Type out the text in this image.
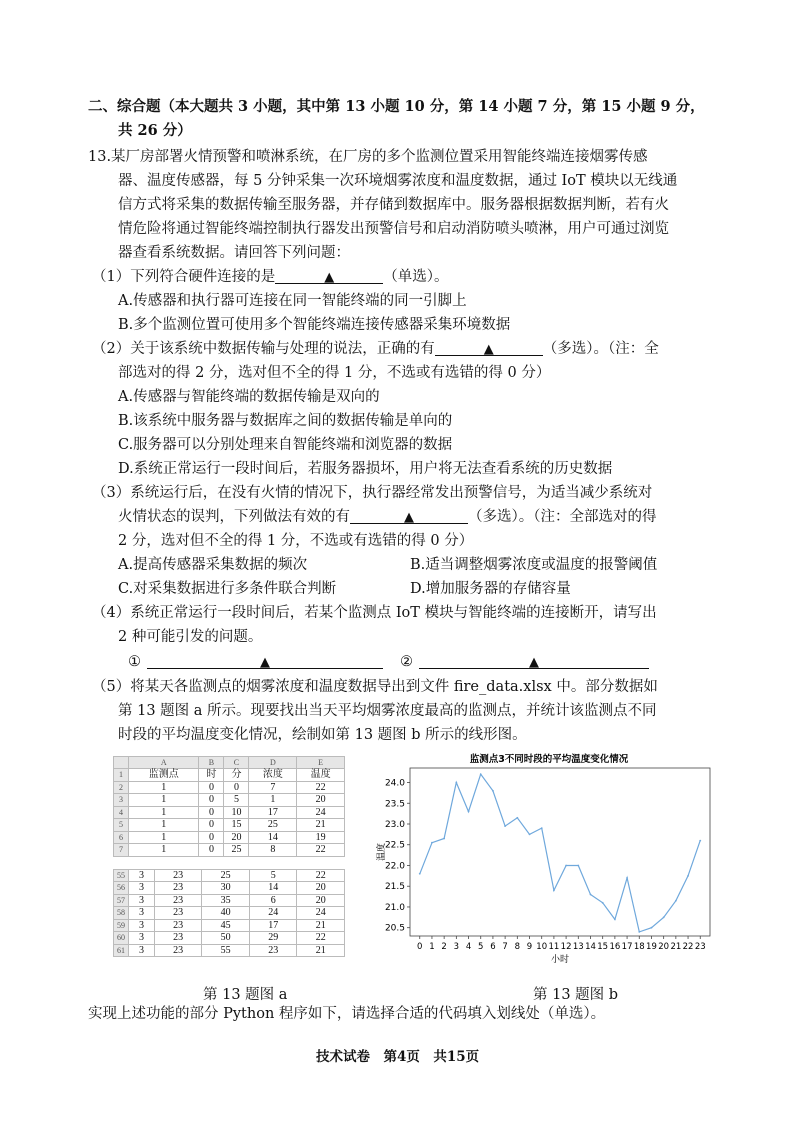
二、综合题（本大题共 3 小题，其中第 13 小题 10 分，第 14 小题 7 分，第 15 小题 9 分，
共 26 分）
13.某厂房部署火情预警和喷淋系统，在厂房的多个监测位置采用智能终端连接烟雾传感
器、温度传感器，每 5 分钟采集一次环境烟雾浓度和温度数据，通过 IoT 模块以无线通
信方式将采集的数据传输至服务器，并存储到数据库中。服务器根据数据判断，若有火
情危险将通过智能终端控制执行器发出预警信号和启动消防喷头喷淋，用户可通过浏览
器查看系统数据。请回答下列问题：
（1）下列符合硬件连接的是	▲	（单选）。
A.传感器和执行器可连接在同一智能终端的同一引脚上
B.多个监测位置可使用多个智能终端连接传感器采集环境数据
（2）关于该系统中数据传输与处理的说法，正确的有	▲	（多选）。（注：全
部选对的得 2 分，选对但不全的得 1 分，不选或有选错的得 0 分）
A.传感器与智能终端的数据传输是双向的
B.该系统中服务器与数据库之间的数据传输是单向的
C.服务器可以分别处理来自智能终端和浏览器的数据
D.系统正常运行一段时间后，若服务器损坏，用户将无法查看系统的历史数据
（3）系统运行后，在没有火情的情况下，执行器经常发出预警信号，为适当减少系统对
火情状态的误判，下列做法有效的有	▲	（多选）。（注：全部选对的得
2 分，选对但不全的得 1 分，不选或有选错的得 0 分）
A.提高传感器采集数据的频次	B.适当调整烟雾浓度或温度的报警阈值
C.对采集数据进行多条件联合判断	D.增加服务器的存储容量
（4）系统正常运行一段时间后，若某个监测点 IoT 模块与智能终端的连接断开，请写出
2 种可能引发的问题。
①	▲	②	▲
（5）将某天各监测点的烟雾浓度和温度数据导出到文件 fire_data.xlsx 中。部分数据如
第 13 题图 a 所示。现要找出当天平均烟雾浓度最高的监测点，并统计该监测点不同
时段的平均温度变化情况，绘制如第 13 题图 b 所示的线形图。
	A	B	C	D	E
1	监测点	时	分	浓度	温度
2	1	0	0	7	22
3	1	0	5	1	20
4	1	0	10	17	24
5	1	0	15	25	21
6	1	0	20	14	19
7	1	0	25	8	22
55	3	23	25	5	22
56	3	23	30	14	20
57	3	23	35	6	20
58	3	23	40	24	24
59	3	23	45	17	21
60	3	23	50	29	22
61	3	23	55	23	21
监测点3不同时段的平均温度变化情况
20.5
21.0
21.5
22.0
22.5
23.0
23.5
24.0
0 1 2 3 4 5 6 7 8 9 10 11 12 13 14 15 16 17 18 19 20 21 22 23
温度
小时
第 13 题图 a	第 13 题图 b
实现上述功能的部分 Python 程序如下，请选择合适的代码填入划线处（单选）。
技术试卷　第4页　共15页
